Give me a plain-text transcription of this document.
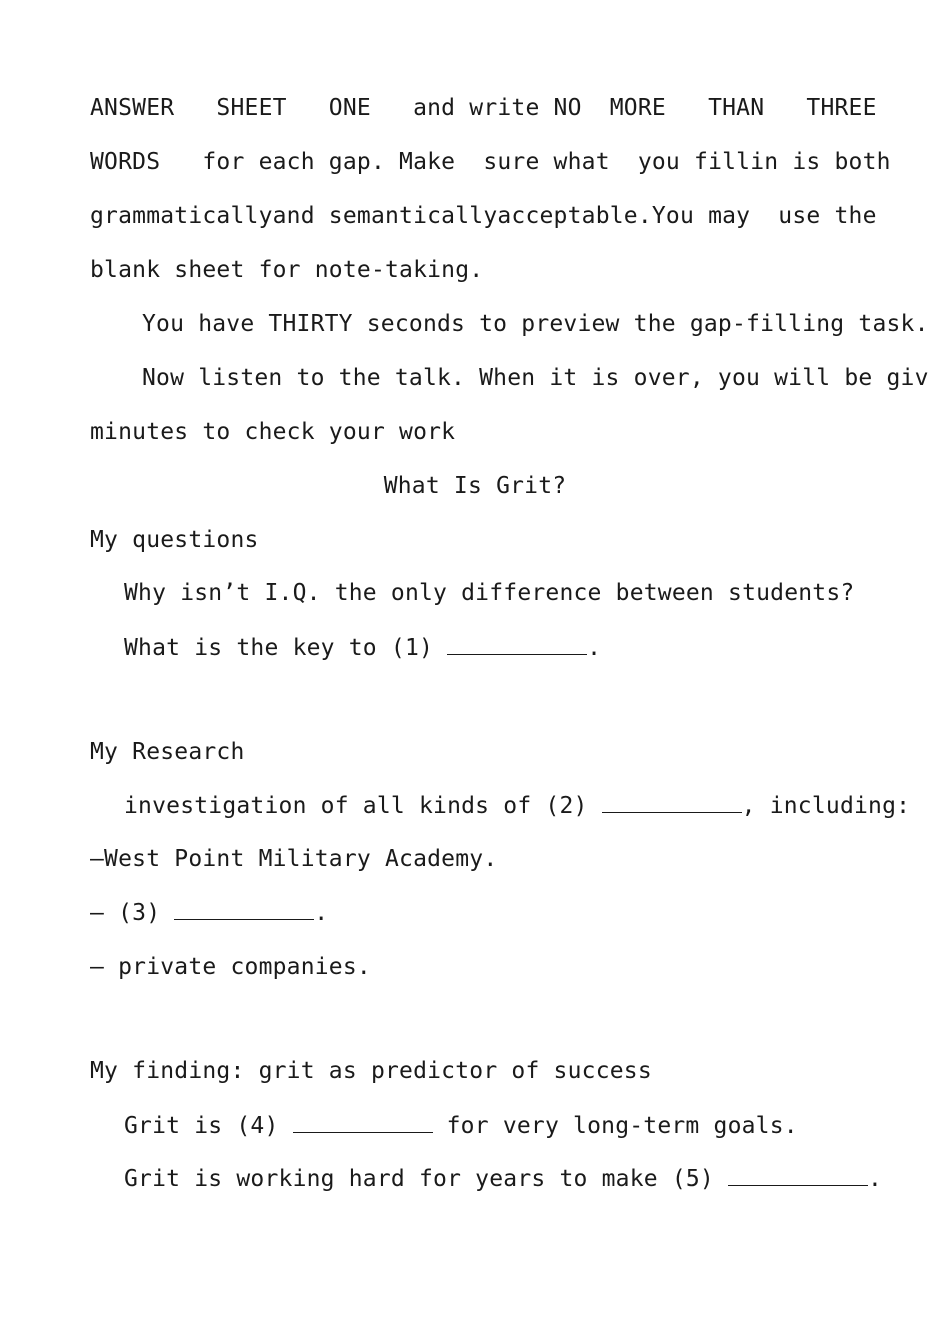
ANSWER   SHEET   ONE   and write NO  MORE   THAN   THREE
WORDS   for each gap. Make  sure what  you fillin is both
grammaticallyand semanticallyacceptable.You may  use the
blank sheet for note-taking.
You have THIRTY seconds to preview the gap-filling task.
Now listen to the talk. When it is over, you will be giv
minutes to check your work
What Is Grit?
My questions
Why isn’t I.Q. the only difference between students?
What is the key to (1)	.
My Research
investigation of all kinds of (2)	, including:
—West Point Military Academy.
— (3)	.
— private companies.
My finding: grit as predictor of success
Grit is (4)	for very long-term goals.
Grit is working hard for years to make (5)	.
